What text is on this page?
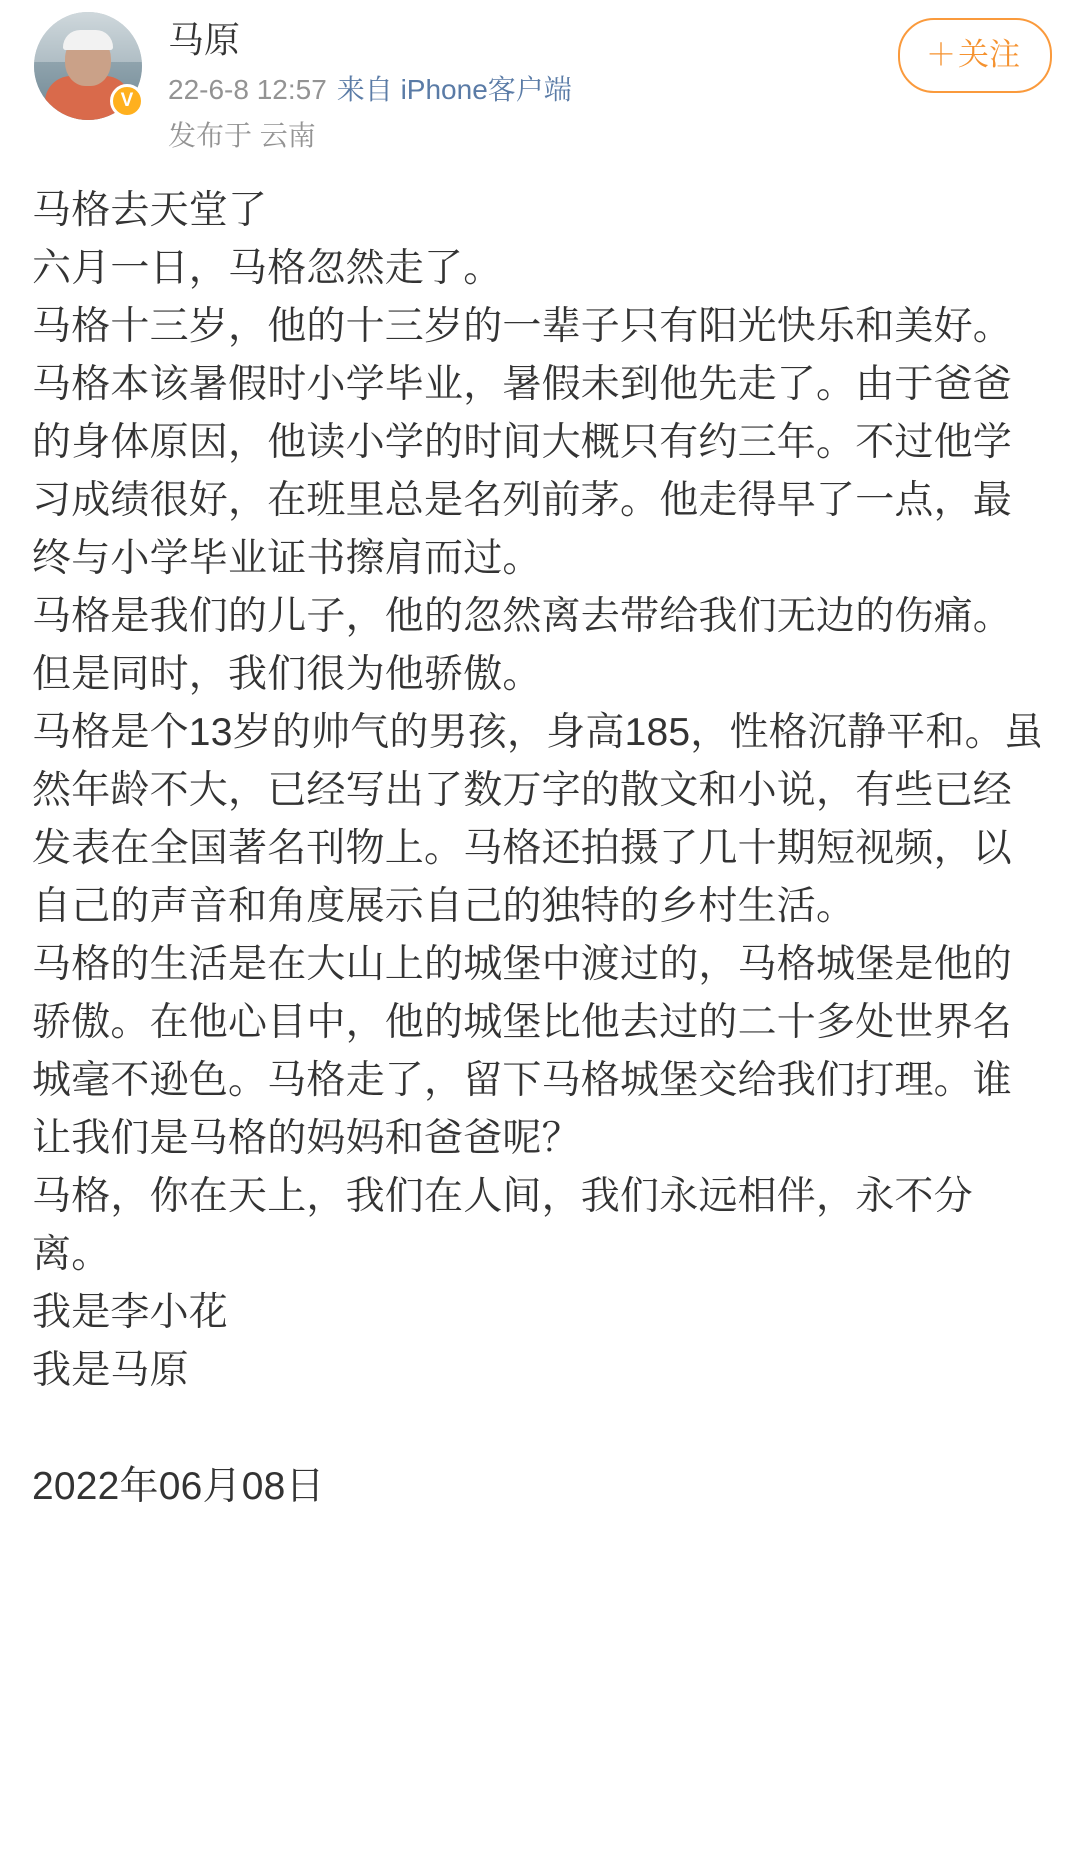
V
马原
22-6-8 12:57 来自 iPhone客户端
发布于 云南
＋关注

马格去天堂了

六月一日，马格忽然走了。

马格十三岁，他的十三岁的一辈子只有阳光快乐和美好。

马格本该暑假时小学毕业，暑假未到他先走了。由于爸爸的身体原因，他读小学的时间大概只有约三年。不过他学习成绩很好，在班里总是名列前茅。他走得早了一点，最终与小学毕业证书擦肩而过。

马格是我们的儿子，他的忽然离去带给我们无边的伤痛。但是同时，我们很为他骄傲。

马格是个13岁的帅气的男孩，身高185，性格沉静平和。虽然年龄不大，已经写出了数万字的散文和小说，有些已经发表在全国著名刊物上。马格还拍摄了几十期短视频，以自己的声音和角度展示自己的独特的乡村生活。

马格的生活是在大山上的城堡中渡过的，马格城堡是他的骄傲。在他心目中，他的城堡比他去过的二十多处世界名城毫不逊色。马格走了，留下马格城堡交给我们打理。谁让我们是马格的妈妈和爸爸呢？

马格，你在天上，我们在人间，我们永远相伴，永不分离。

我是李小花

我是马原

2022年06月08日
